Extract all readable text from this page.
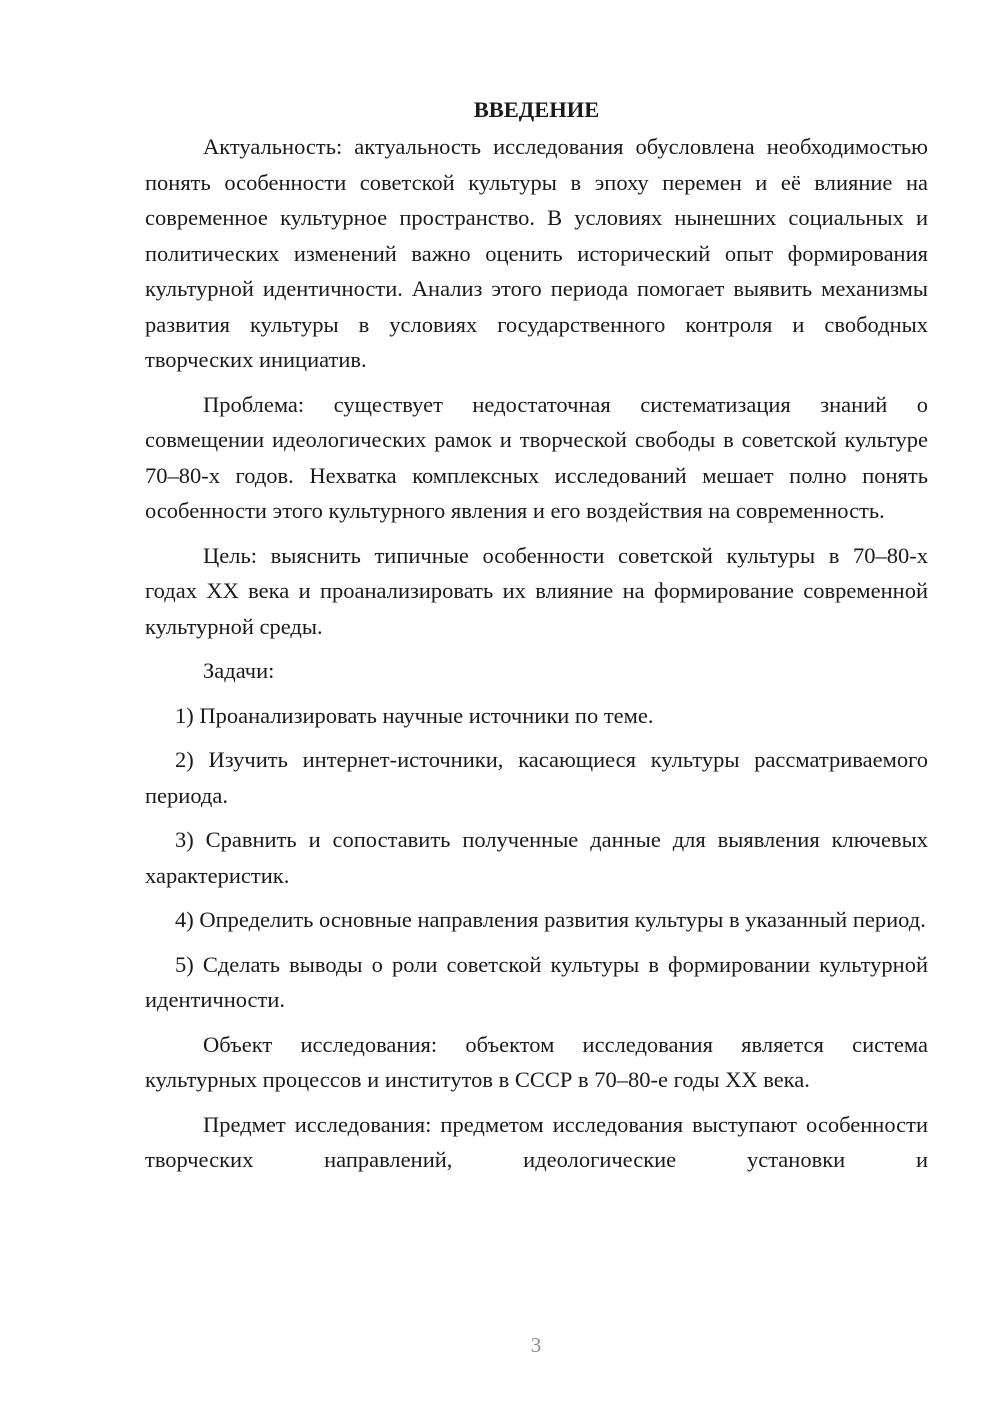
ВВЕДЕНИЕ

Актуальность: актуальность исследования обусловлена необходимостью понять особенности советской культуры в эпоху перемен и её влияние на современное культурное пространство. В условиях нынешних социальных и политических изменений важно оценить исторический опыт формирования культурной идентичности. Анализ этого периода помогает выявить механизмы развития культуры в условиях государственного контроля и свободных творческих инициатив.

Проблема: существует недостаточная систематизация знаний о совмещении идеологических рамок и творческой свободы в советской культуре 70–80-х годов. Нехватка комплексных исследований мешает полно понять особенности этого культурного явления и его воздействия на современность.

Цель: выяснить типичные особенности советской культуры в 70–80-х годах XX века и проанализировать их влияние на формирование современной культурной среды.

Задачи:

1) Проанализировать научные источники по теме.

2) Изучить интернет-источники, касающиеся культуры рассматриваемого периода.

3) Сравнить и сопоставить полученные данные для выявления ключевых характеристик.

4) Определить основные направления развития культуры в указанный период.

5) Сделать выводы о роли советской культуры в формировании культурной идентичности.

Объект исследования: объектом исследования является система культурных процессов и институтов в СССР в 70–80-е годы XX века.

Предмет исследования: предметом исследования выступают особенности творческих направлений, идеологические установки и

3
